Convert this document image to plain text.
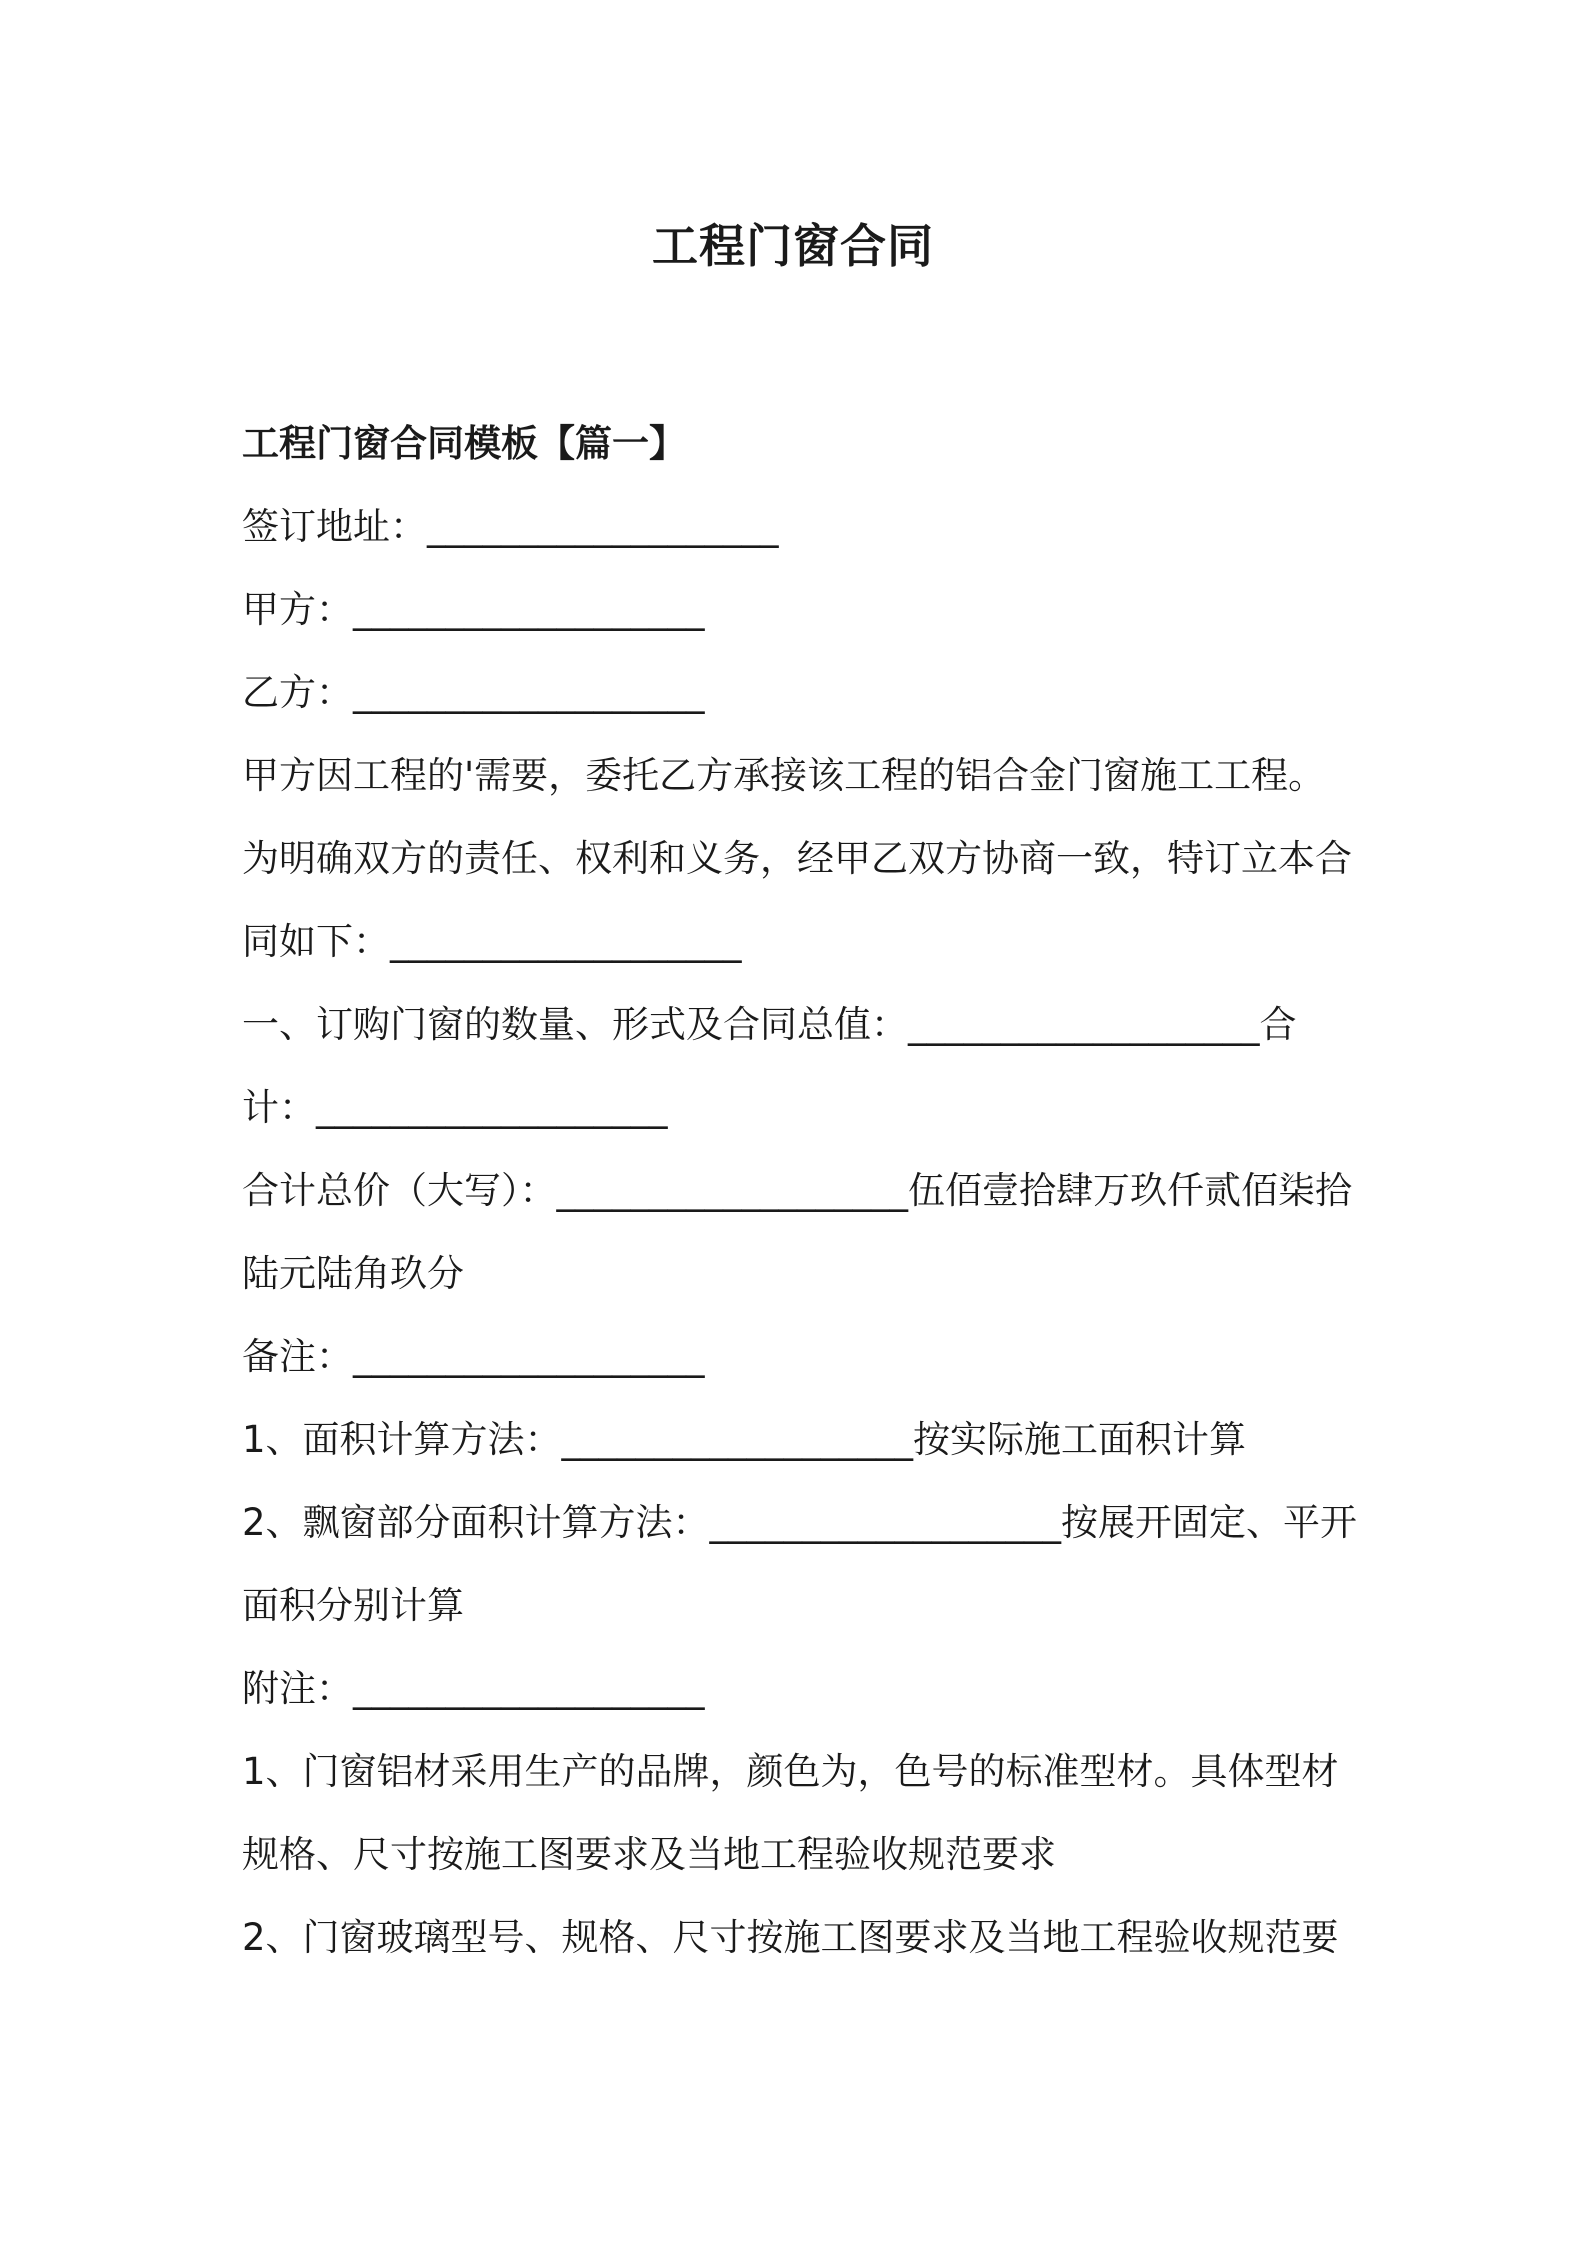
工程门窗合同
工程门窗合同模板【篇一】
签订地址：___________________
甲方：___________________
乙方：___________________
甲方因工程的'需要，委托乙方承接该工程的铝合金门窗施工工程。
为明确双方的责任、权利和义务，经甲乙双方协商一致，特订立本合
同如下：___________________
一、订购门窗的数量、形式及合同总值：___________________合
计：___________________
合计总价（大写）：___________________伍佰壹拾肆万玖仟贰佰柒拾
陆元陆角玖分
备注：___________________
1、面积计算方法：___________________按实际施工面积计算
2、飘窗部分面积计算方法：___________________按展开固定、平开
面积分别计算
附注：___________________
1、门窗铝材采用生产的品牌，颜色为，色号的标准型材。具体型材
规格、尺寸按施工图要求及当地工程验收规范要求
2、门窗玻璃型号、规格、尺寸按施工图要求及当地工程验收规范要
